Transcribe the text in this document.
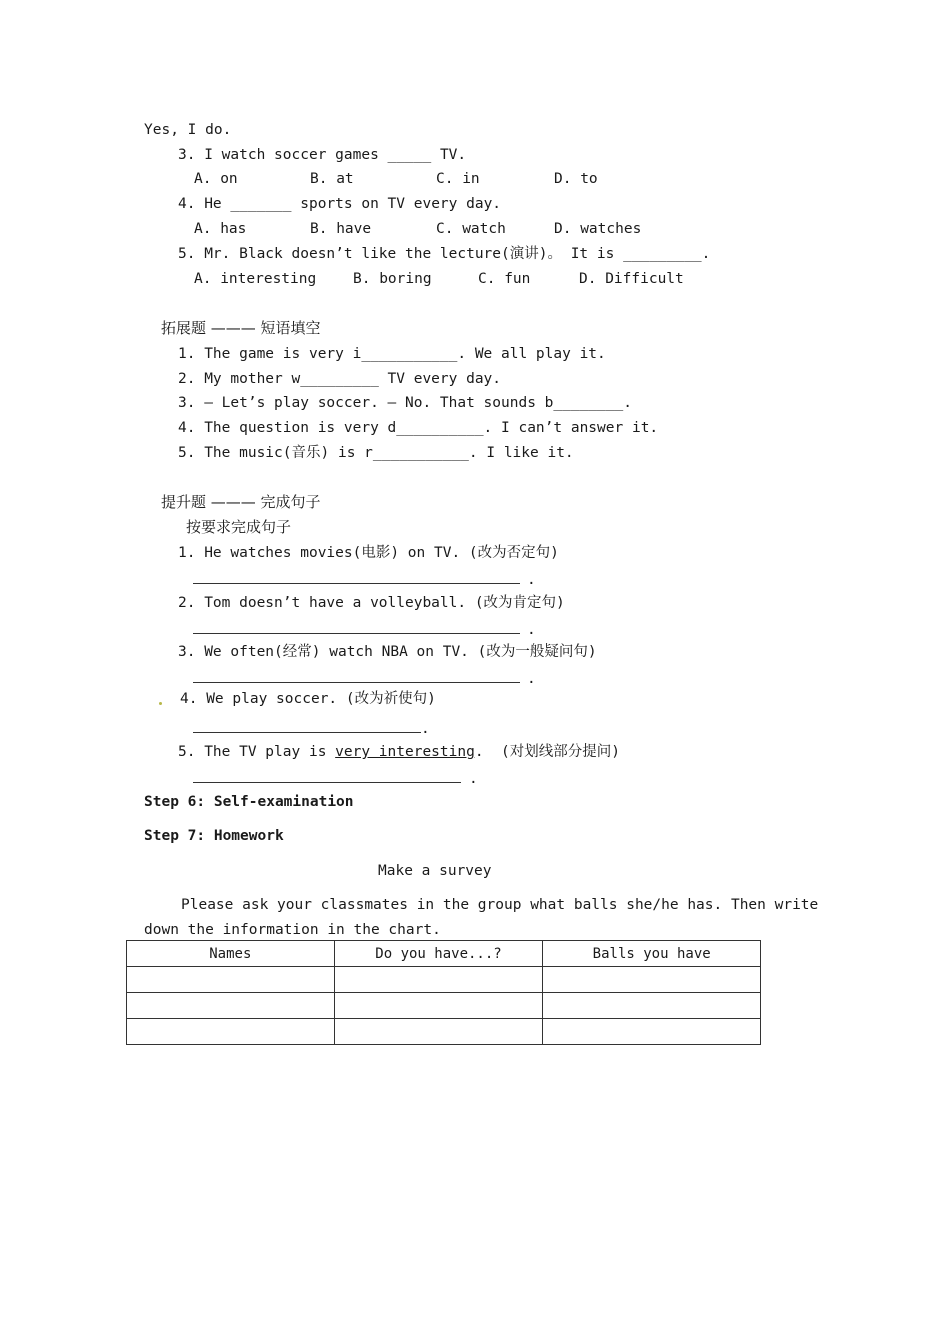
Yes, I do.
3. I watch soccer games _____ TV.
A. on	B. at	C. in	D. to
4. He _______ sports on TV every day.
A. has	B. have	C. watch	D. watches
5. Mr. Black doesn’t like the lecture(演讲)。 It is _________.
A. interesting	B. boring	C. fun	D. Difficult
拓展题 ——— 短语填空
1. The game is very i___________. We all play it.
2. My mother w_________ TV every day.
3. — Let’s play soccer. — No. That sounds b________.
4. The question is very d__________. I can’t answer it.
5. The music(音乐) is r___________. I like it.
提升题 ——— 完成句子
按要求完成句子
1. He watches movies(电影) on TV. (改为否定句)
.
2. Tom doesn’t have a volleyball. (改为肯定句)
.
3. We often(经常) watch NBA on TV. (改为一般疑问句)
.
4. We play soccer. (改为祈使句)
.
5. The TV play is very interesting.  (对划线部分提问)
.
Step 6: Self-examination
Step 7: Homework
Make a survey
Please ask your classmates in the group what balls she/he has. Then write
down the information in the chart.
Names	Do you have...?	Balls you have
